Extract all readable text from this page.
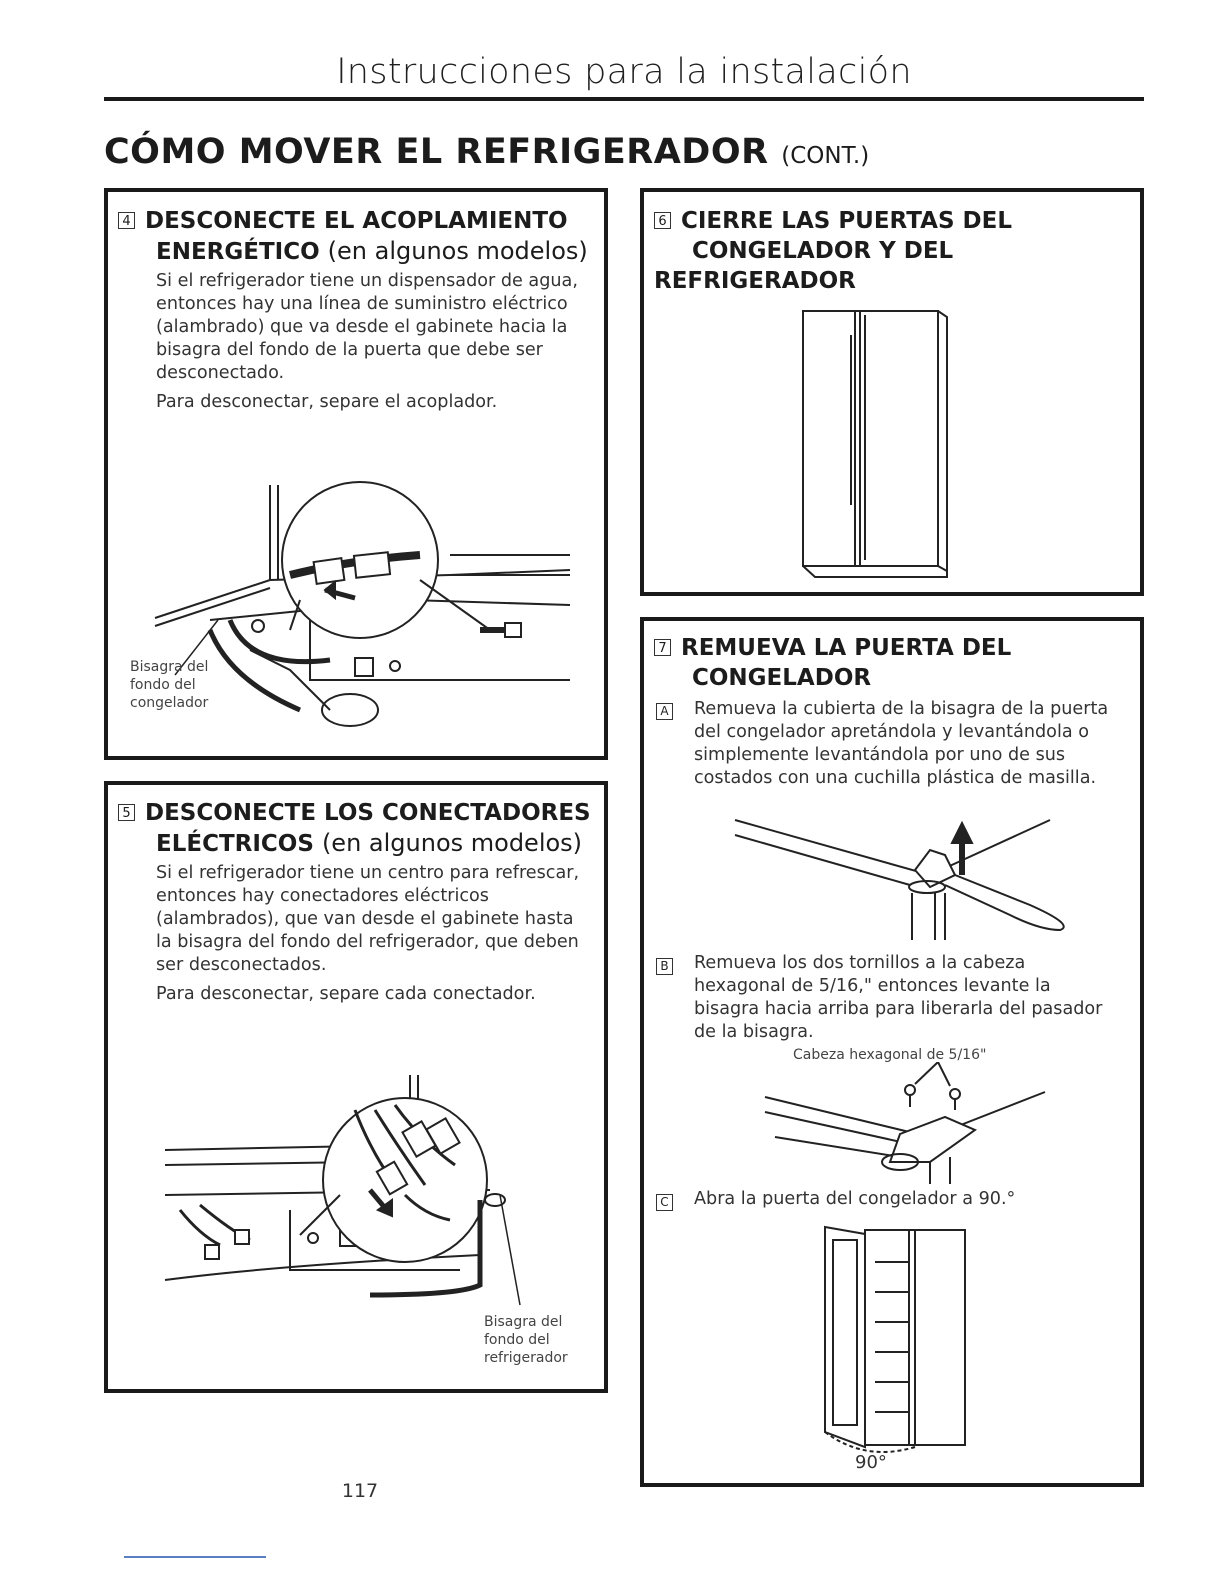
Instrucciones para la instalación
CÓMO MOVER EL REFRIGERADOR (CONT.)
4 DESCONECTE EL ACOPLAMIENTO
ENERGÉTICO (en algunos modelos)

Si el refrigerador tiene un dispensador de agua, entonces hay una línea de suministro eléctrico (alambrado) que va desde el gabinete hacia la bisagra del fondo de la puerta que debe ser desconectado.

Para desconectar, separe el acoplador.

Bisagra del fondo del congelador
5 DESCONECTE LOS CONECTADORES
ELÉCTRICOS (en algunos modelos)

Si el refrigerador tiene un centro para refrescar, entonces hay conectadores eléctricos (alambrados), que van desde el gabinete hasta la bisagra del fondo del refrigerador, que deben ser desconectados.

Para desconectar, separe cada conectador.

Bisagra del fondo del refrigerador
6 CIERRE LAS PUERTAS DEL
CONGELADOR Y DEL REFRIGERADOR
7 REMUEVA LA PUERTA DEL
CONGELADOR
A Remueva la cubierta de la bisagra de la puerta del congelador apretándola y levantándola o simplemente levantándola por uno de sus costados con una cuchilla plástica de masilla.
B Remueva los dos tornillos a la cabeza hexagonal de 5/16," entonces levante la bisagra hacia arriba para liberarla del pasador de la bisagra.
Cabeza hexagonal de 5/16"
C Abra la puerta del congelador a 90.°
90°
117
